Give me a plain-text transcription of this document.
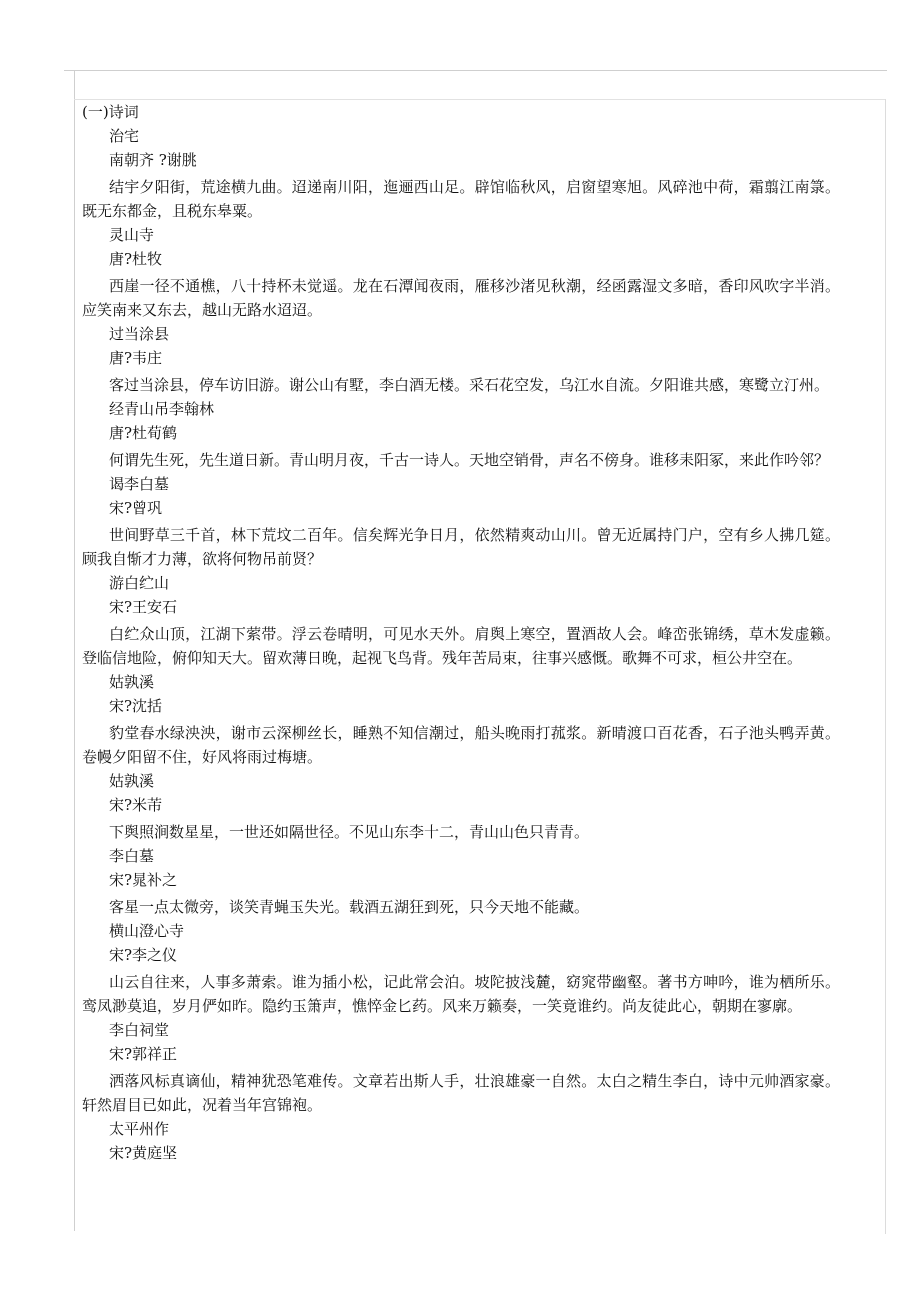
(一)诗词

治宅

南朝齐 ?谢朓

结宇夕阳街，荒途横九曲。迢递南川阳，迤逦西山足。辟馆临秋风，启窗望寒旭。风碎池中荷，霜翦江南箓。既无东都金，且税东皋粟。

灵山寺

唐?杜牧

西崖一径不通樵，八十持杯未觉遥。龙在石潭闻夜雨，雁移沙渚见秋潮，经函露湿文多暗，香印风吹字半消。应笑南来又东去，越山无路水迢迢。

过当涂县

唐?韦庄

客过当涂县，停车访旧游。谢公山有墅，李白酒无楼。采石花空发，乌江水自流。夕阳谁共感，寒鹭立汀州。

经青山吊李翰林

唐?杜荀鹤

何谓先生死，先生道日新。青山明月夜，千古一诗人。天地空销骨，声名不傍身。谁移耒阳冢，来此作吟邻？

谒李白墓

宋?曾巩

世间野草三千首，林下荒坟二百年。信矣辉光争日月，依然精爽动山川。曾无近属持门户，空有乡人拂几筵。顾我自惭才力薄，欲将何物吊前贤？

游白纻山

宋?王安石

白纻众山顶，江湖下萦带。浮云卷晴明，可见水天外。肩舆上寒空，置酒故人会。峰峦张锦绣，草木发虚籁。登临信地险，俯仰知天大。留欢薄日晚，起视飞鸟背。残年苦局束，往事兴感慨。歌舞不可求，桓公井空在。

姑孰溪

宋?沈括

豹堂春水绿泱泱，谢市云深柳丝长，睡熟不知信潮过，船头晚雨打菰浆。新晴渡口百花香，石子池头鸭弄黄。卷幔夕阳留不住，好风将雨过梅塘。

姑孰溪

宋?米芾

下舆照涧数星星，一世还如隔世径。不见山东李十二，青山山色只青青。

李白墓

宋?晁补之

客星一点太微旁，谈笑青蝇玉失光。载酒五湖狂到死，只今天地不能藏。

横山澄心寺

宋?李之仪

山云自往来，人事多萧索。谁为插小松，记此常会泊。坡陀披浅麓，窈窕带幽壑。著书方呻吟，谁为栖所乐。鸾凤渺莫追，岁月俨如昨。隐约玉箫声，憔悴金匕药。风来万籁奏，一笑竟谁约。尚友徒此心，朝期在寥廓。

李白祠堂

宋?郭祥正

洒落风标真谪仙，精神犹恐笔难传。文章若出斯人手，壮浪雄豪一自然。太白之精生李白，诗中元帅酒家豪。轩然眉目已如此，况着当年宫锦袍。

太平州作

宋?黄庭坚
